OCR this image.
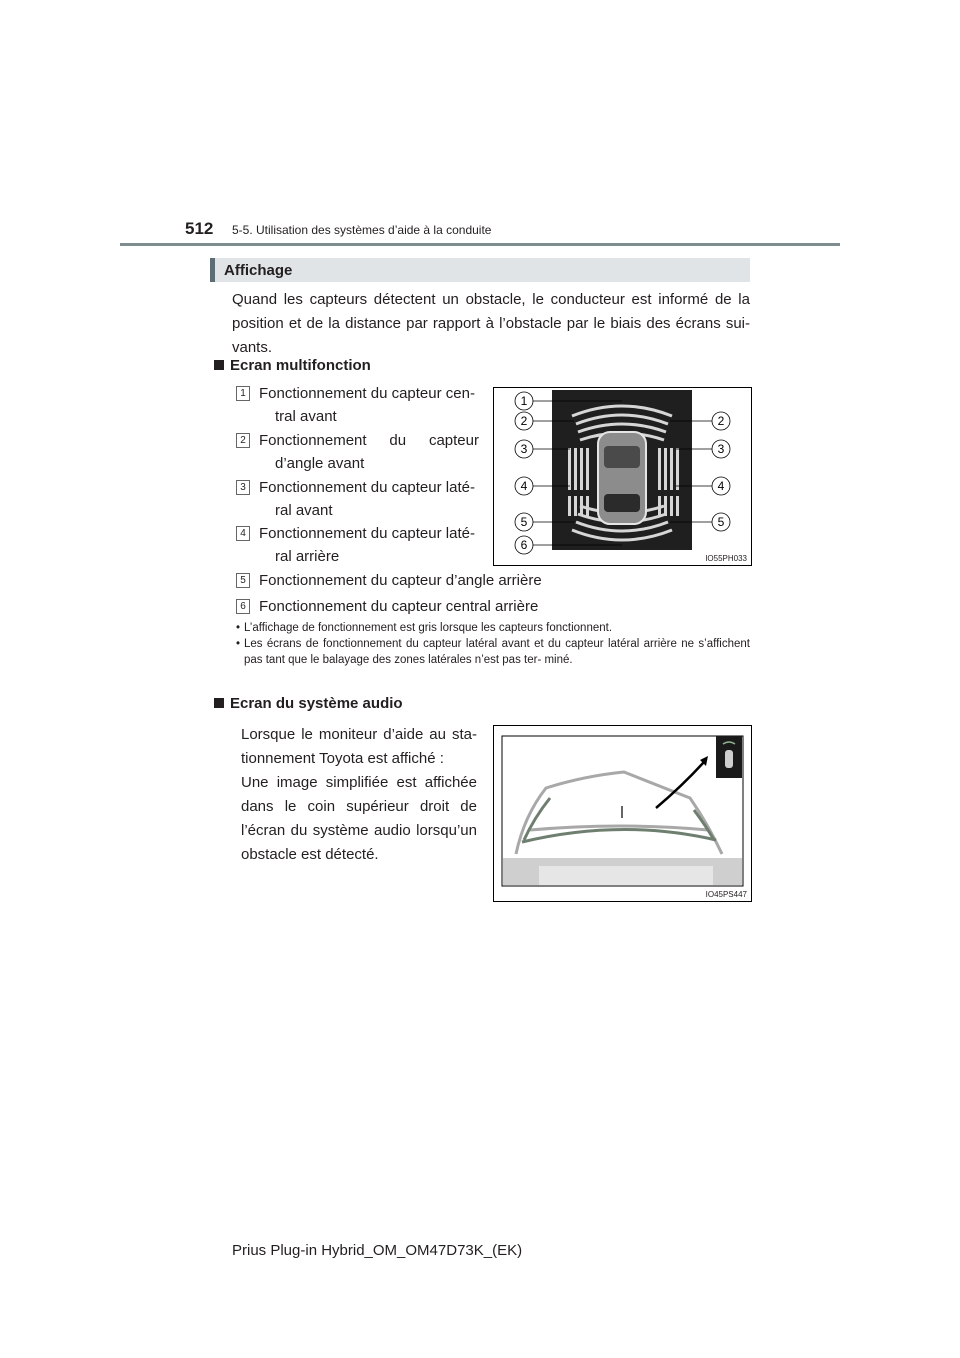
512 5-5. Utilisation des systèmes d’aide à la conduite
Affichage
Quand les capteurs détectent un obstacle, le conducteur est informé de la position et de la distance par rapport à l’obstacle par le biais des écrans sui- vants.
Ecran multifonction
1 Fonctionnement du capteur cen-
tral avant
2 Fonctionnement du capteur
d’angle avant
3 Fonctionnement du capteur laté-
ral avant
4 Fonctionnement du capteur laté-
ral arrière
5 Fonctionnement du capteur d’angle arrière
6 Fonctionnement du capteur central arrière
• L’affichage de fonctionnement est gris lorsque les capteurs fonctionnent.
• Les écrans de fonctionnement du capteur latéral avant et du capteur latéral arrière ne s’affichent pas tant que le balayage des zones latérales n’est pas ter- miné.
1
2	2
3	3
4	4
5	5
6
IO55PH033
Ecran du système audio
Lorsque le moniteur d’aide au sta-
tionnement Toyota est affiché :
Une image simplifiée est affichée
dans le coin supérieur droit de
l’écran du système audio lorsqu’un
obstacle est détecté.
IO45PS447
Prius Plug-in Hybrid_OM_OM47D73K_(EK)
